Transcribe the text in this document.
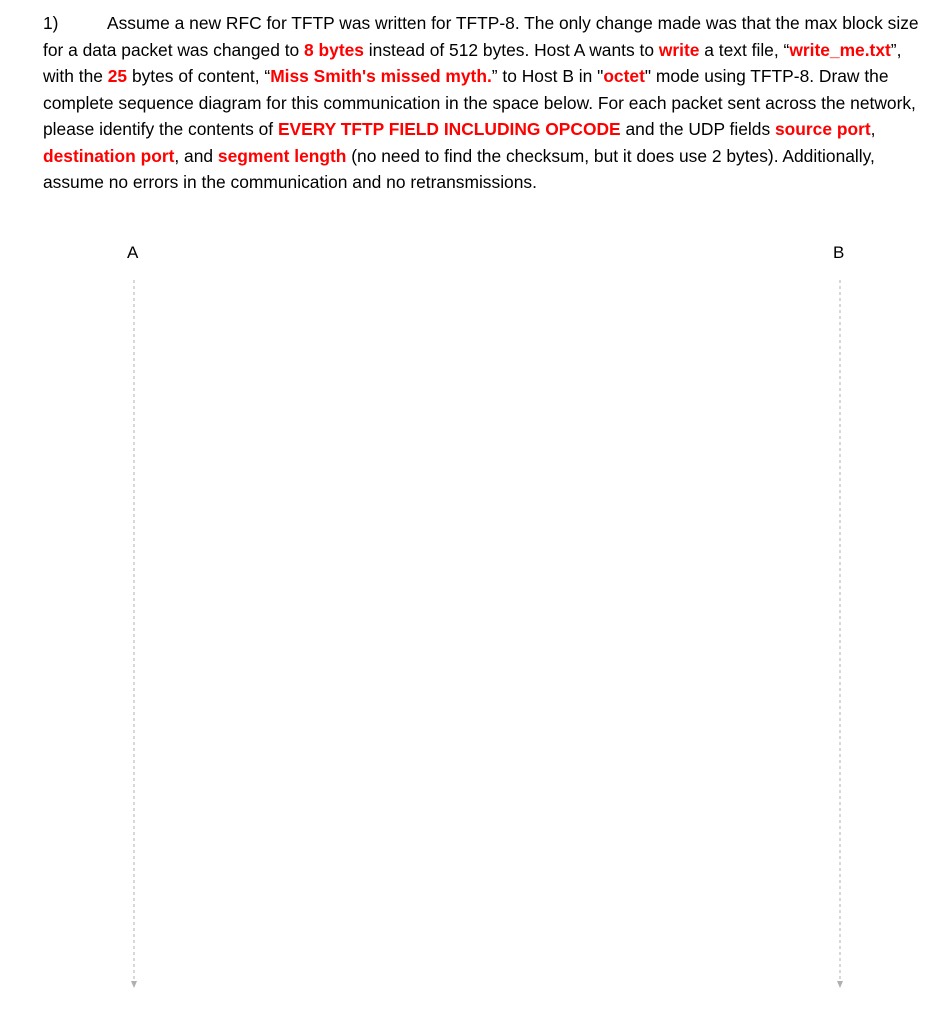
1)	Assume a new RFC for TFTP was written for TFTP-8. The only change made was that the max block size for a data packet was changed to 8 bytes instead of 512 bytes. Host A wants to write a text file, “write_me.txt”, with the 25 bytes of content, “Miss Smith's missed myth.” to Host B in "octet" mode using TFTP-8. Draw the complete sequence diagram for this communication in the space below. For each packet sent across the network, please identify the contents of EVERY TFTP FIELD INCLUDING OPCODE and the UDP fields source port, destination port, and segment length (no need to find the checksum, but it does use 2 bytes). Additionally, assume no errors in the communication and no retransmissions.

A	B
